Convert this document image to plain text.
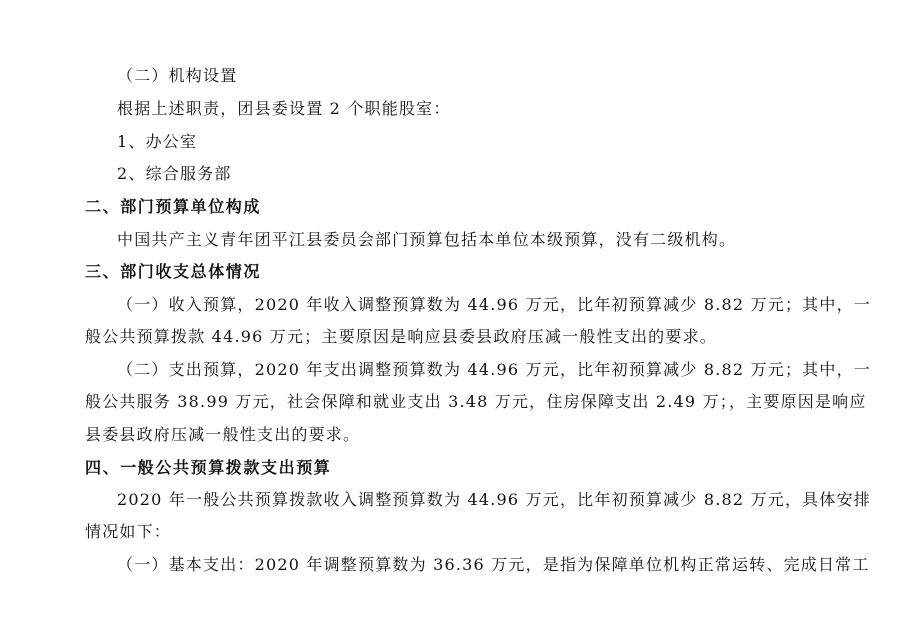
（二）机构设置
根据上述职责，团县委设置 2 个职能股室：
1、办公室
2、综合服务部
二、部门预算单位构成
中国共产主义青年团平江县委员会部门预算包括本单位本级预算，没有二级机构。
三、部门收支总体情况
（一）收入预算，2020 年收入调整预算数为 44.96 万元，比年初预算减少 8.82 万元；其中，一
般公共预算拨款 44.96 万元；主要原因是响应县委县政府压减一般性支出的要求。
（二）支出预算，2020 年支出调整预算数为 44.96 万元，比年初预算减少 8.82 万元；其中，一
般公共服务 38.99 万元，社会保障和就业支出 3.48 万元，住房保障支出 2.49 万；，主要原因是响应
县委县政府压减一般性支出的要求。
四、一般公共预算拨款支出预算
2020 年一般公共预算拨款收入调整预算数为 44.96 万元，比年初预算减少 8.82 万元，具体安排
情况如下：
（一）基本支出：2020 年调整预算数为 36.36 万元，是指为保障单位机构正常运转、完成日常工
